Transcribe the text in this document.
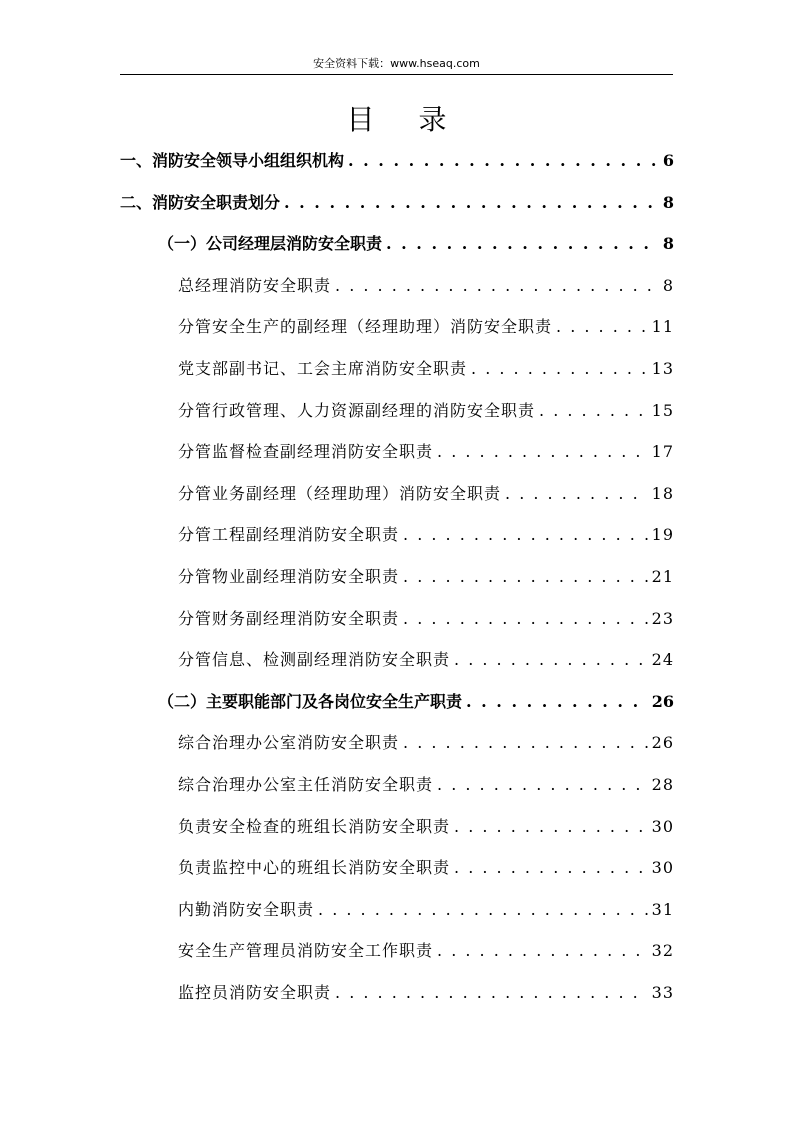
安全资料下载：www.hseaq.com
目录
一、消防安全领导小组组织机构 . . .	6
二、消防安全职责划分 . . .	8
（一）公司经理层消防安全职责 . . .	8
总经理消防安全职责 . . .	8
分管安全生产的副经理（经理助理）消防安全职责 . . .	11
党支部副书记、工会主席消防安全职责 . . .	13
分管行政管理、人力资源副经理的消防安全职责 . . .	15
分管监督检查副经理消防安全职责 . . .	17
分管业务副经理（经理助理）消防安全职责 . . .	18
分管工程副经理消防安全职责 . . .	19
分管物业副经理消防安全职责 . . .	21
分管财务副经理消防安全职责 . . .	23
分管信息、检测副经理消防安全职责 . . .	24
（二）主要职能部门及各岗位安全生产职责 . . .	26
综合治理办公室消防安全职责 . . .	26
综合治理办公室主任消防安全职责 . . .	28
负责安全检查的班组长消防安全职责 . . .	30
负责监控中心的班组长消防安全职责 . . .	30
内勤消防安全职责 . . .	31
安全生产管理员消防安全工作职责 . . .	32
监控员消防安全职责 . . .	33
